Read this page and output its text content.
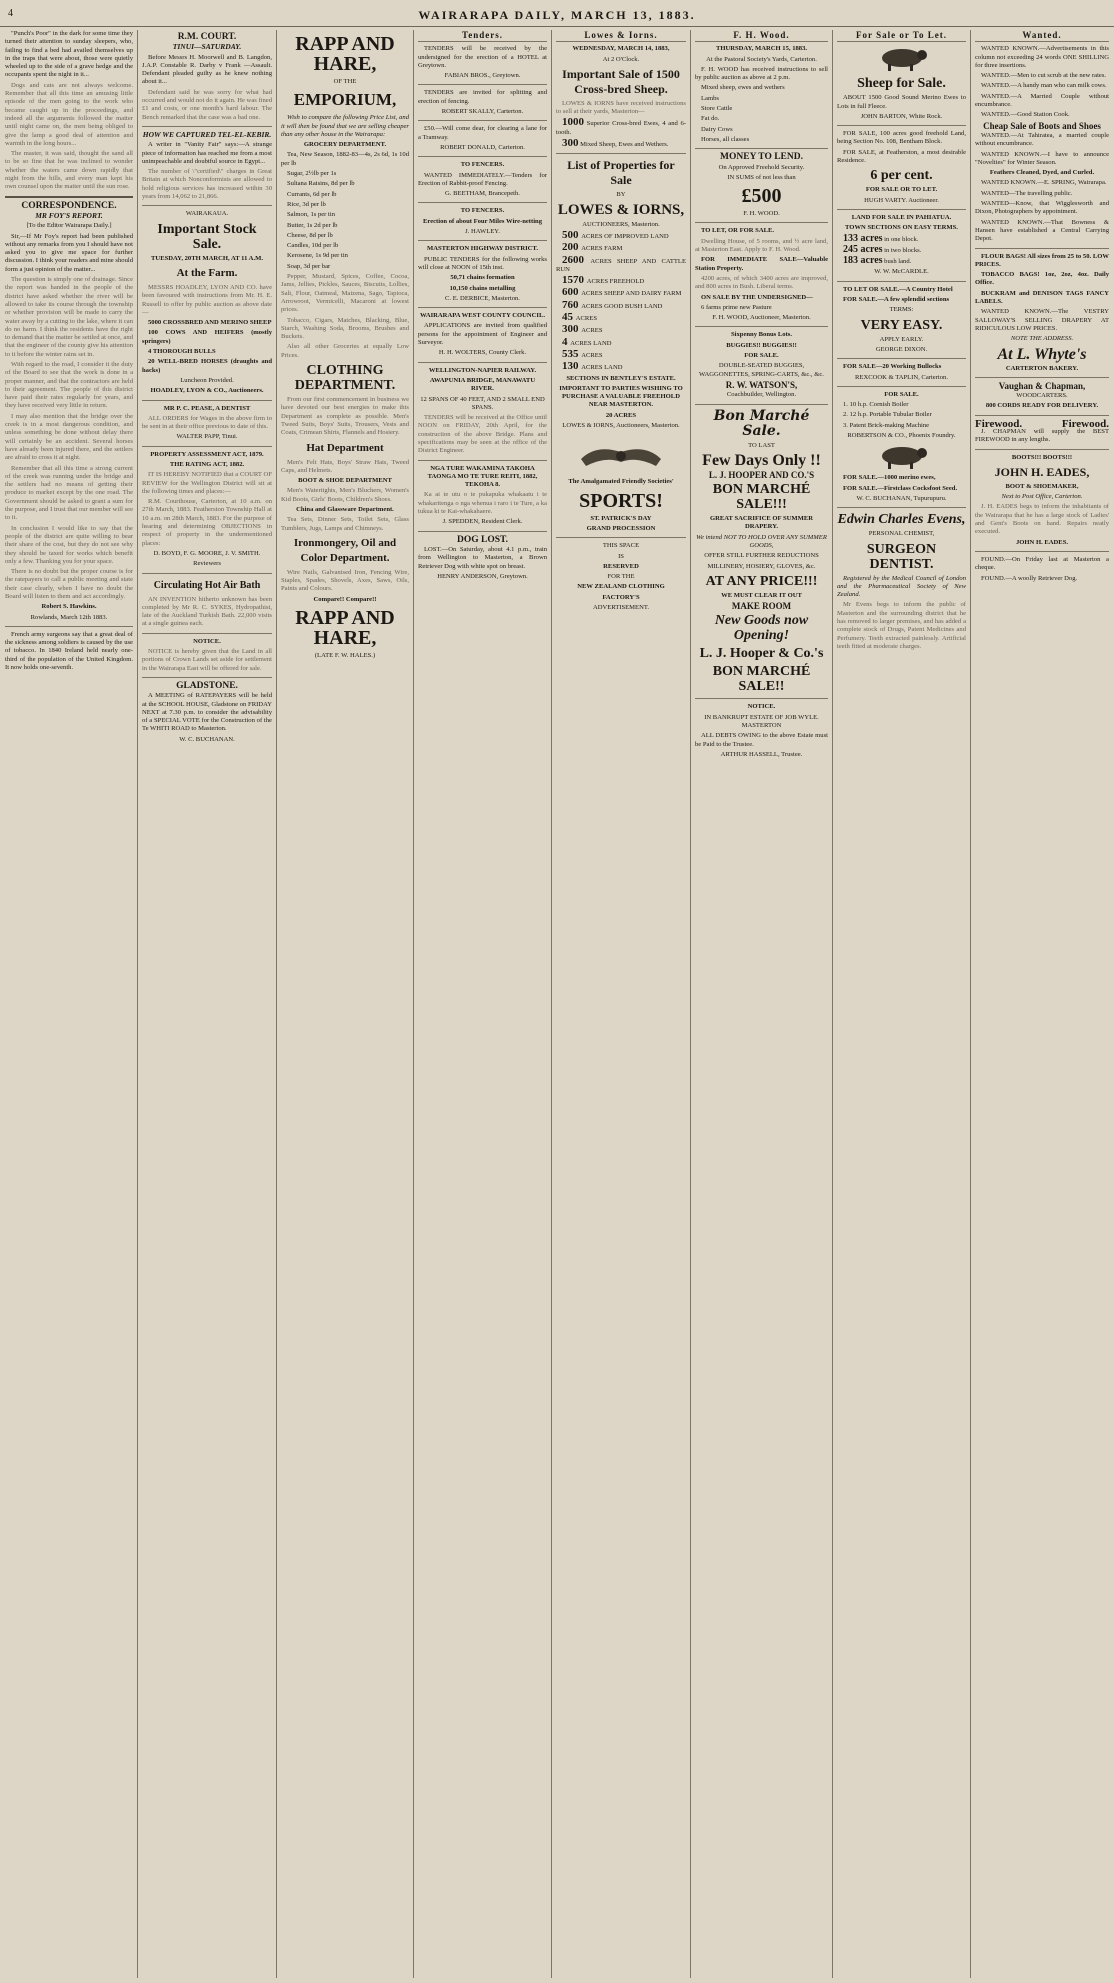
4	WAIRARAPA DAILY, MARCH 13, 1883.

"Punch's Poor" in the dark for some time they turned their attention to sunday sleepers, who, failing to find a bed had availed themselves up in the traps that were about, those were quietly wheeled up to the side of a grave hedge and the occupants spent the night in it...

Dogs and cats are not always welcome. Remember that all this time an amusing little episode of the men going to the work who became caught up in the proceedings, and indeed all the arguments followed the matter until night came on, the men being obliged to give the lamp a good deal of attention and warmth in the long hours...

The master, it was said, thought the sand all to be so fine that he was inclined to wonder whether the waters came down rapidly that night from the hills, and every man kept his own counsel upon the matter until the sun rose.

CORRESPONDENCE.
MR FOY'S REPORT.

[To the Editor Wairarapa Daily.]

Sir,—If Mr Foy's report had been published without any remarks from you I should have not asked you to give me space for further discussion. I think your readers and mine should form a just opinion of the matter...

The question is simply one of drainage. Since the report was handed in the people of the district have asked whether the river will be allowed to take its course through the township or whether provision will be made to carry the water away by a cutting to the lake, where it can do no harm. I think the residents have the right to demand that the matter be settled at once, and that the engineer of the county give his attention to it before the winter rains set in.

With regard to the road, I consider it the duty of the Board to see that the work is done in a proper manner, and that the contractors are held to their agreement. The people of this district have paid their rates regularly for years, and they have received very little in return.

I may also mention that the bridge over the creek is in a most dangerous condition, and unless something be done without delay there will certainly be an accident. Several horses have already been injured there, and the settlers are afraid to cross it at night.

Remember that all this time a strong current of the creek was running under the bridge and the settlers had no means of getting their produce to market except by the one road. The Government should be asked to grant a sum for the purpose, and I trust that our member will see to it.

In conclusion I would like to say that the people of the district are quite willing to bear their share of the cost, but they do not see why they should be taxed for works which benefit only a few. Thanking you for your space.

There is no doubt but the proper course is for the ratepayers to call a public meeting and state their case clearly, when I have no doubt the Board will listen to them and act accordingly.

Robert S. Hawkins.

Rowlands, March 12th 1883.

French army surgeons say that a great deal of the sickness among soldiers is caused by the use of tobacco. In 1840 Ireland held nearly one-third of the population of the United Kingdom. It now holds one-seventh.

R.M. COURT.
TINUI—SATURDAY.

Before Messrs H. Moorwell and B. Langdon, J.A.P. Constable R. Darby v Frank —Assault. Defendant pleaded guilty as he knew nothing about it...

Defendant said he was sorry for what had occurred and would not do it again. He was fined £1 and costs, or one month's hard labour. The Bench remarked that the case was a bad one.

HOW WE CAPTURED TEL-EL-KEBIR.

A writer in "Vanity Fair" says:—A strange piece of information has reached me from a most unimpeachable and doubtful source in Egypt...

The number of \"certified\" charges in Great Britain at which Nonconformists are allowed to hold religious services has increased within 30 years from 14,062 to 21,866.

WAIRAKAUA.

Important Stock Sale.

TUESDAY, 20TH MARCH, AT 11 A.M.

At the Farm.

MESSRS HOADLEY, LYON AND CO. have been favoured with instructions from Mr. H. E. Russell to offer by public auction as above date—

5000 CROSSBRED AND MERINO SHEEP

100 COWS AND HEIFERS (mostly springers)

4 THOROUGH BULLS

20 WELL-BRED HORSES (draughts and hacks)

Luncheon Provided.

HOADLEY, LYON & CO., Auctioneers.

MR P. C. PEASE, A DENTIST

ALL ORDERS for Wages in the above firm to be sent in at their office previous to date of this.

WALTER PAPP, Tinui.

PROPERTY ASSESSMENT ACT, 1879.

THE RATING ACT, 1882.

IT IS HEREBY NOTIFIED that a COURT OF REVIEW for the Wellington District will sit at the following times and places:—

R.M. Courthouse, Carterton, at 10 a.m. on 27th March, 1883. Featherston Township Hall at 10 a.m. on 28th March, 1883. For the purpose of hearing and determining OBJECTIONS in respect of property in the undermentioned places:

D. BOYD, F. G. MOORE, J. V. SMITH.

Reviewers

Circulating Hot Air Bath

AN INVENTION hitherto unknown has been completed by Mr R. C. SYKES, Hydropathist, late of the Auckland Turkish Bath. 22,000 visits at a single guinea each.

NOTICE.

NOTICE is hereby given that the Land in all portions of Crown Lands set aside for settlement in the Wairarapa East will be offered for sale.

GLADSTONE.

A MEETING of RATEPAYERS will be held at the SCHOOL HOUSE, Gladstone on FRIDAY NEXT at 7.30 p.m. to consider the advisability of a SPECIAL VOTE for the Construction of the Te WHITI ROAD to Masterton.

W. C. BUCHANAN.

RAPP AND HARE,

OF THE

EMPORIUM,

Wish to compare the following Price List, and it will then be found that we are selling cheaper than any other house in the Wairarapa:

GROCERY DEPARTMENT.

Tea, New Season, 1882-83—4s, 2s 6d, 1s 10d per lb

Sugar, 2½lb per 1s

Sultana Raisins, 8d per lb

Currants, 6d per lb

Rice, 3d per lb

Salmon, 1s per tin

Butter, 1s 2d per lb

Cheese, 8d per lb

Candles, 10d per lb

Kerosene, 1s 9d per tin

Soap, 3d per bar

Pepper, Mustard, Spices, Coffee, Cocoa, Jams, Jellies, Pickles, Sauces, Biscuits, Lollies, Salt, Flour, Oatmeal, Maizena, Sago, Tapioca, Arrowroot, Vermicelli, Macaroni at lowest prices.

Tobacco, Cigars, Matches, Blacking, Blue, Starch, Washing Soda, Brooms, Brushes and Buckets.

Also all other Groceries at equally Low Prices.

CLOTHING DEPARTMENT.

From our first commencement in business we have devoted our best energies to make this Department as complete as possible. Men's Tweed Suits, Boys' Suits, Trousers, Vests and Coats, Crimean Shirts, Flannels and Hosiery.

Hat Department

Men's Felt Hats, Boys' Straw Hats, Tweed Caps, and Helmets.

BOOT & SHOE DEPARTMENT

Men's Watertights, Men's Bluchers, Women's Kid Boots, Girls' Boots, Children's Shoes.

China and Glassware Department.

Tea Sets, Dinner Sets, Toilet Sets, Glass Tumblers, Jugs, Lamps and Chimneys.

Ironmongery, Oil and Color Department.

Wire Nails, Galvanised Iron, Fencing Wire, Staples, Spades, Shovels, Axes, Saws, Oils, Paints and Colours.

Compare!! Compare!!

RAPP AND HARE,

(LATE F. W. HALES.)

Tenders.

TENDERS will be received by the undersigned for the erection of a HOTEL at Greytown.

FABIAN BROS., Greytown.

TENDERS are invited for splitting and erection of fencing.

ROBERT SKALLY, Carterton.

£50.—Will come dear, for clearing a lane for a Tramway.

ROBERT DONALD, Carterton.

TO FENCERS.

WANTED IMMEDIATELY.—Tenders for Erection of Rabbit-proof Fencing.

G. BEETHAM, Brancepeth.

TO FENCERS.

Erection of about Four Miles Wire-netting

J. HAWLEY.

MASTERTON HIGHWAY DISTRICT.

PUBLIC TENDERS for the following works will close at NOON of 15th inst.

50,71 chains formation

10,150 chains metalling

C. E. DERBICE, Masterton.

WAIRARAPA WEST COUNTY COUNCIL.

APPLICATIONS are invited from qualified persons for the appointment of Engineer and Surveyor.

H. H. WOLTERS, County Clerk.

WELLINGTON-NAPIER RAILWAY.

AWAPUNIA BRIDGE, MANAWATU RIVER.

12 SPANS OF 40 FEET, AND 2 SMALL END SPANS.

TENDERS will be received at the Office until NOON on FRIDAY, 20th April, for the construction of the above Bridge. Plans and specifications may be seen at the office of the District Engineer.

NGA TURE WAKAMINA TAKOHA TAONGA MO TE TURE REITI, 1882, TEKOHA 8.

Ka ai te utu o te pukapuka whakaatu i te whakaritenga o nga whenua i raro i te Ture, a ka tukua ki te Kai-whakahaere.

J. SPEDDEN, Resident Clerk.

DOG LOST.

LOST.—On Saturday, about 4.1 p.m., train from Wellington to Masterton, a Brown Retriever Dog with white spot on breast.

HENRY ANDERSON, Greytown.

Lowes & Iorns.

WEDNESDAY, MARCH 14, 1883,

At 2 O'Clock.

Important Sale of 1500 Cross-bred Sheep.

LOWES & IORNS have received instructions to sell at their yards, Masterton—

1000 Superior Cross-bred Ewes, 4 and 6-tooth.

300 Mixed Sheep, Ewes and Wethers.

List of Properties for Sale

BY

LOWES & IORNS,

AUCTIONEERS, Masterton.

500 ACRES OF IMPROVED LAND

200 ACRES FARM

2600 ACRES SHEEP AND CATTLE RUN

1570 ACRES FREEHOLD

600 ACRES SHEEP AND DAIRY FARM

760 ACRES GOOD BUSH LAND

45 ACRES

300 ACRES

4 ACRES LAND

535 ACRES

130 ACRES LAND

SECTIONS IN BENTLEY'S ESTATE.

IMPORTANT TO PARTIES WISHING TO PURCHASE A VALUABLE FREEHOLD NEAR MASTERTON.

20 ACRES

LOWES & IORNS, Auctioneers, Masterton.

The Amalgamated Friendly Societies'

SPORTS!

ST. PATRICK'S DAY

GRAND PROCESSION

THIS SPACE

IS

RESERVED

FOR THE

NEW ZEALAND CLOTHING

FACTORY'S

ADVERTISEMENT.

F. H. Wood.

THURSDAY, MARCH 15, 1883.

At the Pastoral Society's Yards, Carterton.

F. H. WOOD has received instructions to sell by public auction as above at 2 p.m.

Mixed sheep, ewes and wethers

Lambs

Store Cattle

Fat do.

Dairy Cows

Horses, all classes

MONEY TO LEND.

On Approved Freehold Security.

IN SUMS of not less than

£500

F. H. WOOD.

TO LET, OR FOR SALE.

Dwelling House, of 5 rooms, and ½ acre land, at Masterton East. Apply to F. H. Wood.

FOR IMMEDIATE SALE—Valuable Station Property.

4200 acres, of which 3400 acres are improved, and 800 acres in Bush. Liberal terms.

ON SALE BY THE UNDERSIGNED—

6 farms prime new Pasture

F. H. WOOD, Auctioneer, Masterton.

Sixpenny Bonus Lots.

BUGGIES!! BUGGIES!!

FOR SALE.

DOUBLE-SEATED BUGGIES, WAGGONETTES, SPRING-CARTS, &c., &c.

R. W. WATSON'S,

Coachbuilder, Wellington.

Bon Marché Sale.

TO LAST

Few Days Only !!

L. J. HOOPER AND CO.'S

BON MARCHÉ SALE!!!

GREAT SACRIFICE OF SUMMER DRAPERY.

We intend NOT TO HOLD OVER ANY SUMMER GOODS,

OFFER STILL FURTHER REDUCTIONS

MILLINERY, HOSIERY, GLOVES, &c.

AT ANY PRICE!!!

WE MUST CLEAR IT OUT

MAKE ROOM

New Goods now Opening!
L. J. Hooper & Co.'s
BON MARCHÉ SALE!!

NOTICE.

IN BANKRUPT ESTATE OF JOB WYLE. MASTERTON

ALL DEBTS OWING to the above Estate must be Paid to the Trustee.

ARTHUR HASSELL, Trustee.

For Sale or To Let.
Sheep for Sale.

ABOUT 1500 Good Sound Merino Ewes to Lots in full Fleece.

JOHN BARTON, White Rock.

FOR SALE, 100 acres good freehold Land, being Section No. 108, Bentham Block.

FOR SALE, at Featherston, a most desirable Residence.

6 per cent.

FOR SALE OR TO LET.

HUGH VARTY. Auctioneer.

LAND FOR SALE IN PAHIATUA.

TOWN SECTIONS ON EASY TERMS.

133 acres in one block.

245 acres in two blocks.

183 acres bush land.

W. W. McCARDLE.

TO LET OR SALE.—A Country Hotel

FOR SALE.—A few splendid sections

TERMS:

VERY EASY.

APPLY EARLY.

GEORGE DIXON.

FOR SALE—20 Working Bullocks

REXCOOK & TAPLIN, Carterton.

FOR SALE.

1. 10 h.p. Cornish Boiler

2. 12 h.p. Portable Tubular Boiler

3. Patent Brick-making Machine

ROBERTSON & CO., Phoenix Foundry.

FOR SALE.—1000 merino ewes,

FOR SALE.—Firstclass Cocksfoot Seed.

W. C. BUCHANAN, Tupurupuru.

Edwin Charles Evens,

PERSONAL CHEMIST,

SURGEON DENTIST.

Registered by the Medical Council of London and the Pharmaceutical Society of New Zealand.

Mr Evens begs to inform the public of Masterton and the surrounding district that he has removed to larger premises, and has added a complete stock of Drugs, Patent Medicines and Perfumery. Teeth extracted painlessly. Artificial teeth fitted at moderate charges.

Wanted.

WANTED KNOWN.—Advertisements in this column not exceeding 24 words ONE SHILLING for three insertions.

WANTED.—Men to cut scrub at the new rates.

WANTED.—A handy man who can milk cows.

WANTED.—A Married Couple without encumbrance.

WANTED.—Good Station Cook.

Cheap Sale of Boots and Shoes

WANTED.—At Tahiratea, a married couple without encumbrance.

WANTED KNOWN.—I have to announce "Novelties" for Winter Season.

Feathers Cleaned, Dyed, and Curled.

WANTED KNOWN.—E. SPRING, Wairarapa.

WANTED—The travelling public.

WANTED—Know, that Wigglesworth and Dixon, Photographers by appointment.

WANTED KNOWN.—That Bowness & Hansen have established a Central Carrying Depot.

FLOUR BAGS! All sizes from 25 to 50. LOW PRICES.

TOBACCO BAGS! 1oz, 2oz, 4oz. Daily Office.

BUCKRAM and DENISON TAGS FANCY LABELS.

WANTED KNOWN.—The VESTRY SALLOWAY'S SELLING DRAPERY AT RIDICULOUS LOW PRICES.

NOTE THE ADDRESS.

At L. Whyte's

CARTERTON BAKERY.

Vaughan & Chapman,

WOODCARTERS.

800 CORDS READY FOR DELIVERY.

Firewood.	Firewood.

J. CHAPMAN will supply the BEST FIREWOOD in any lengths.

BOOTS!!! BOOTS!!!

JOHN H. EADES,

BOOT & SHOEMAKER,

Next to Post Office, Carterton.

J. H. EADES begs to inform the inhabitants of the Wairarapa that he has a large stock of Ladies' and Gent's Boots on hand. Repairs neatly executed.

JOHN H. EADES.

FOUND.—On Friday last at Masterton a cheque.

FOUND.—A woolly Retriever Dog.
